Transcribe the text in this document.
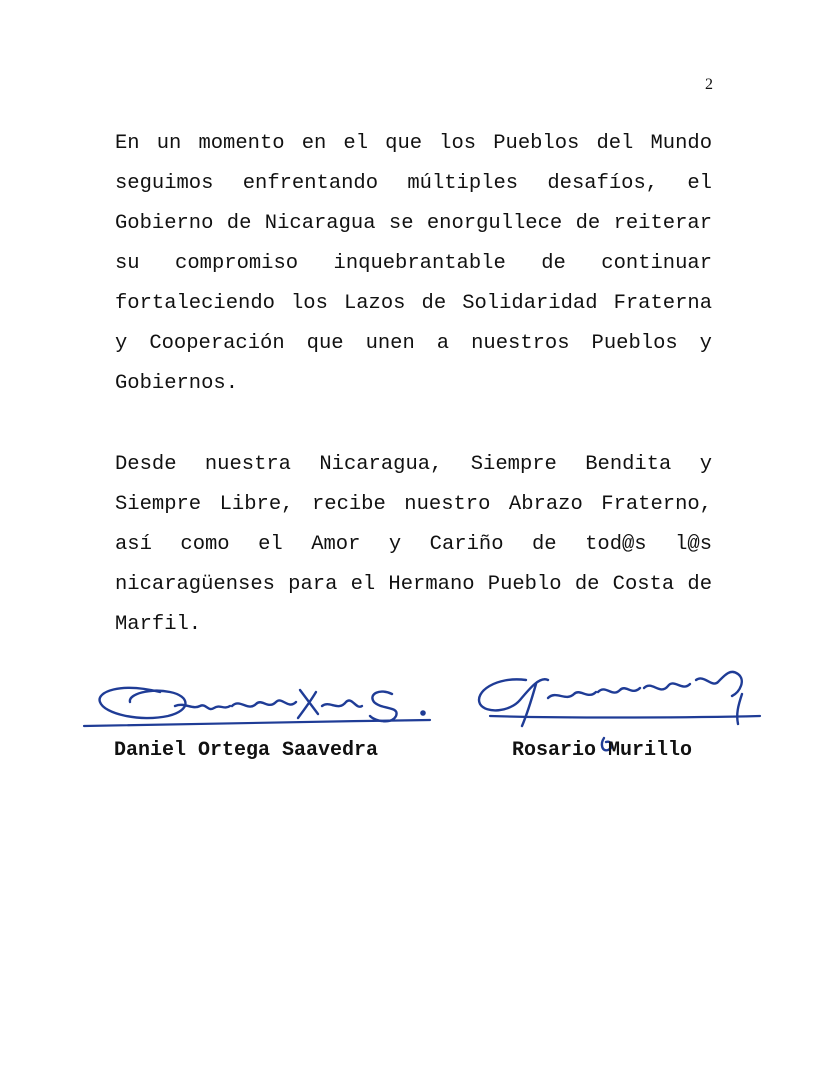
2

En un momento en el que los Pueblos del Mundo seguimos enfrentando múltiples desafíos, el Gobierno de Nicaragua se enorgullece de reiterar su compromiso inquebrantable de continuar fortaleciendo los Lazos de Solidaridad Fraterna y Cooperación que unen a nuestros Pueblos y Gobiernos.

Desde nuestra Nicaragua, Siempre Bendita y Siempre Libre, recibe nuestro Abrazo Fraterno, así como el Amor y Cariño de tod@s l@s nicaragüenses para el Hermano Pueblo de Costa de Marfil.

Daniel Ortega Saavedra	Rosario Murillo
